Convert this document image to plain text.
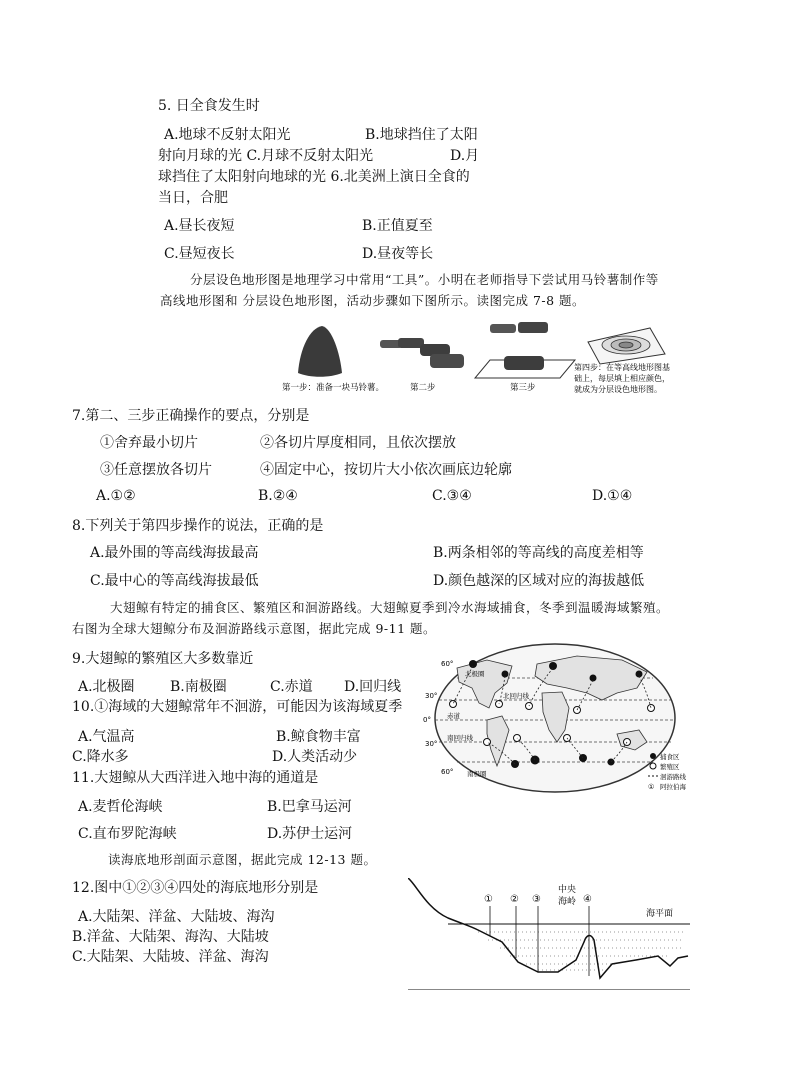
5. 日全食发生时
A.地球不反射太阳光	B.地球挡住了太阳
射向月球的光 C.月球不反射太阳光	D.月
球挡住了太阳射向地球的光 6.北美洲上演日全食的
当日，合肥
A.昼长夜短	B.正值夏至
C.昼短夜长	D.昼夜等长
分层设色地形图是地理学习中常用“工具”。小明在老师指导下尝试用马铃薯制作等
高线地形图和 分层设色地形图，活动步骤如下图所示。读图完成 7-8 题。
第一步：准备一块马铃薯。	第二步	第三步
第四步：在等高线地形图基
础上，每层填上相应颜色，
就成为分层设色地形图。
7.第二、三步正确操作的要点，分别是
①舍弃最小切片	②各切片厚度相同，且依次摆放
③任意摆放各切片	④固定中心，按切片大小依次画底边轮廓
A.①②	B.②④	C.③④	D.①④
8.下列关于第四步操作的说法，正确的是
A.最外围的等高线海拔最高	B.两条相邻的等高线的高度差相等
C.最中心的等高线海拔最低	D.颜色越深的区域对应的海拔越低
大翅鲸有特定的捕食区、繁殖区和洄游路线。大翅鲸夏季到冷水海域捕食，冬季到温暖海域繁殖。
右图为全球大翅鲸分布及洄游路线示意图，据此完成 9-11 题。
9.大翅鲸的繁殖区大多数靠近
A.北极圈	B.南极圈	C.赤道 D.回归线
10.①海域的大翅鲸常年不洄游，可能因为该海域夏季
A.气温高	B.鲸食物丰富
C.降水多	D.人类活动少
11.大翅鲸从大西洋进入地中海的通道是
A.麦哲伦海峡	B.巴拿马运河
C.直布罗陀海峡	D.苏伊士运河
60°
30°
0°
30°
60°
北极圈
北回归线
赤道
南回归线
南极圈
捕食区
繁殖区
洄游路线
① 阿拉伯海
读海底地形剖面示意图，据此完成 12-13 题。
12.图中①②③④四处的海底地形分别是
A.大陆架、洋盆、大陆坡、海沟
B.洋盆、大陆架、海沟、大陆坡
C.大陆架、大陆坡、洋盆、海沟
① ② ③	④
中央
海岭
海平面
